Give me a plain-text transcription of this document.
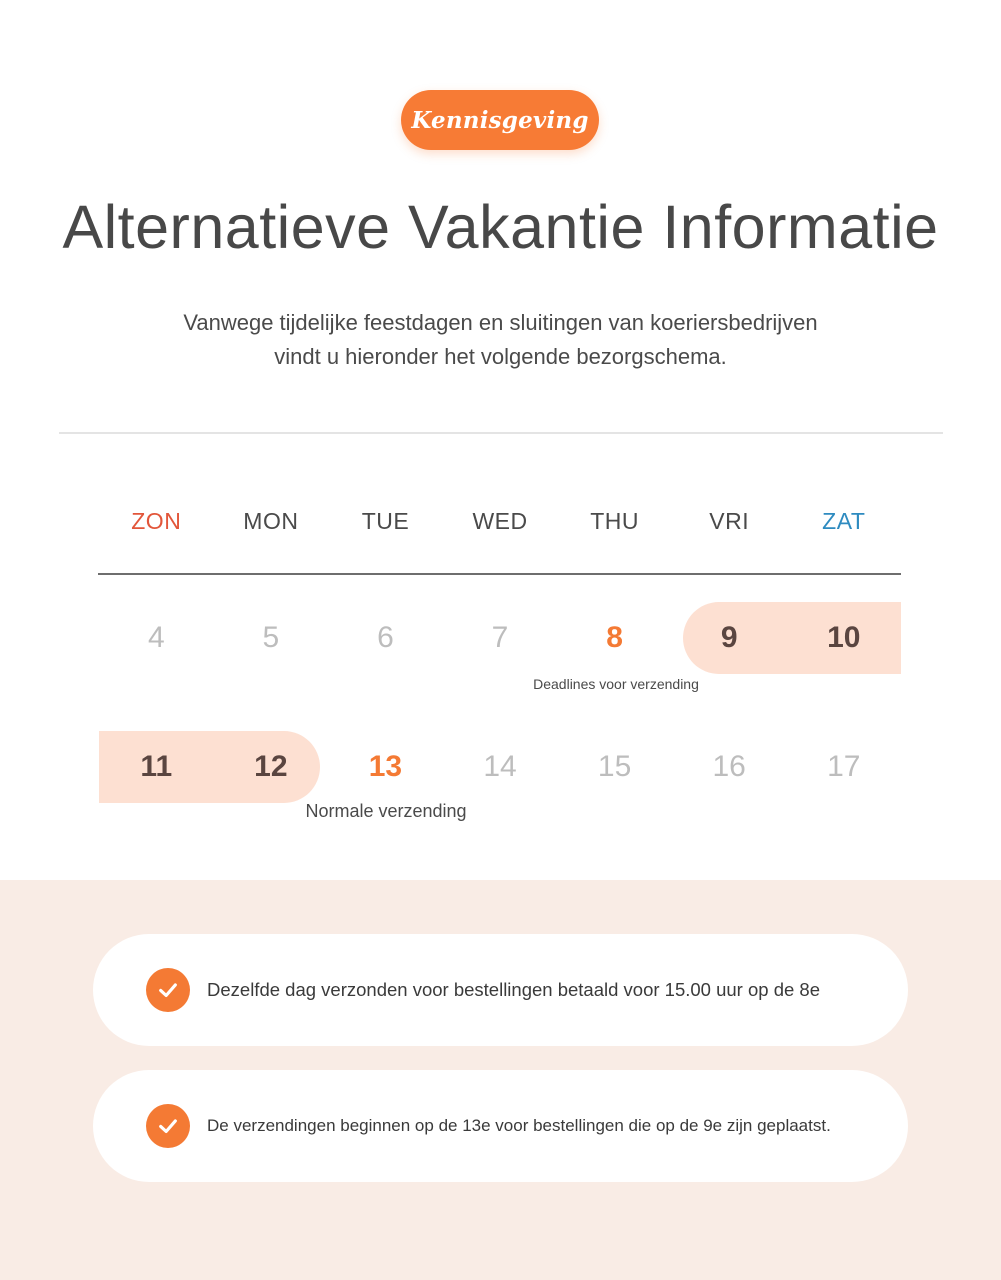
Kennisgeving
Alternatieve Vakantie Informatie
Vanwege tijdelijke feestdagen en sluitingen van koeriersbedrijven
vindt u hieronder het volgende bezorgschema.
ZON	MON	TUE	WED	THU	VRI	ZAT
4	5	6	7	8	9	10
Deadlines voor verzending
11	12	13	14	15	16	17
Normale verzending
Dezelfde dag verzonden voor bestellingen betaald voor 15.00 uur op de 8e
De verzendingen beginnen op de 13e voor bestellingen die op de 9e zijn geplaatst.
